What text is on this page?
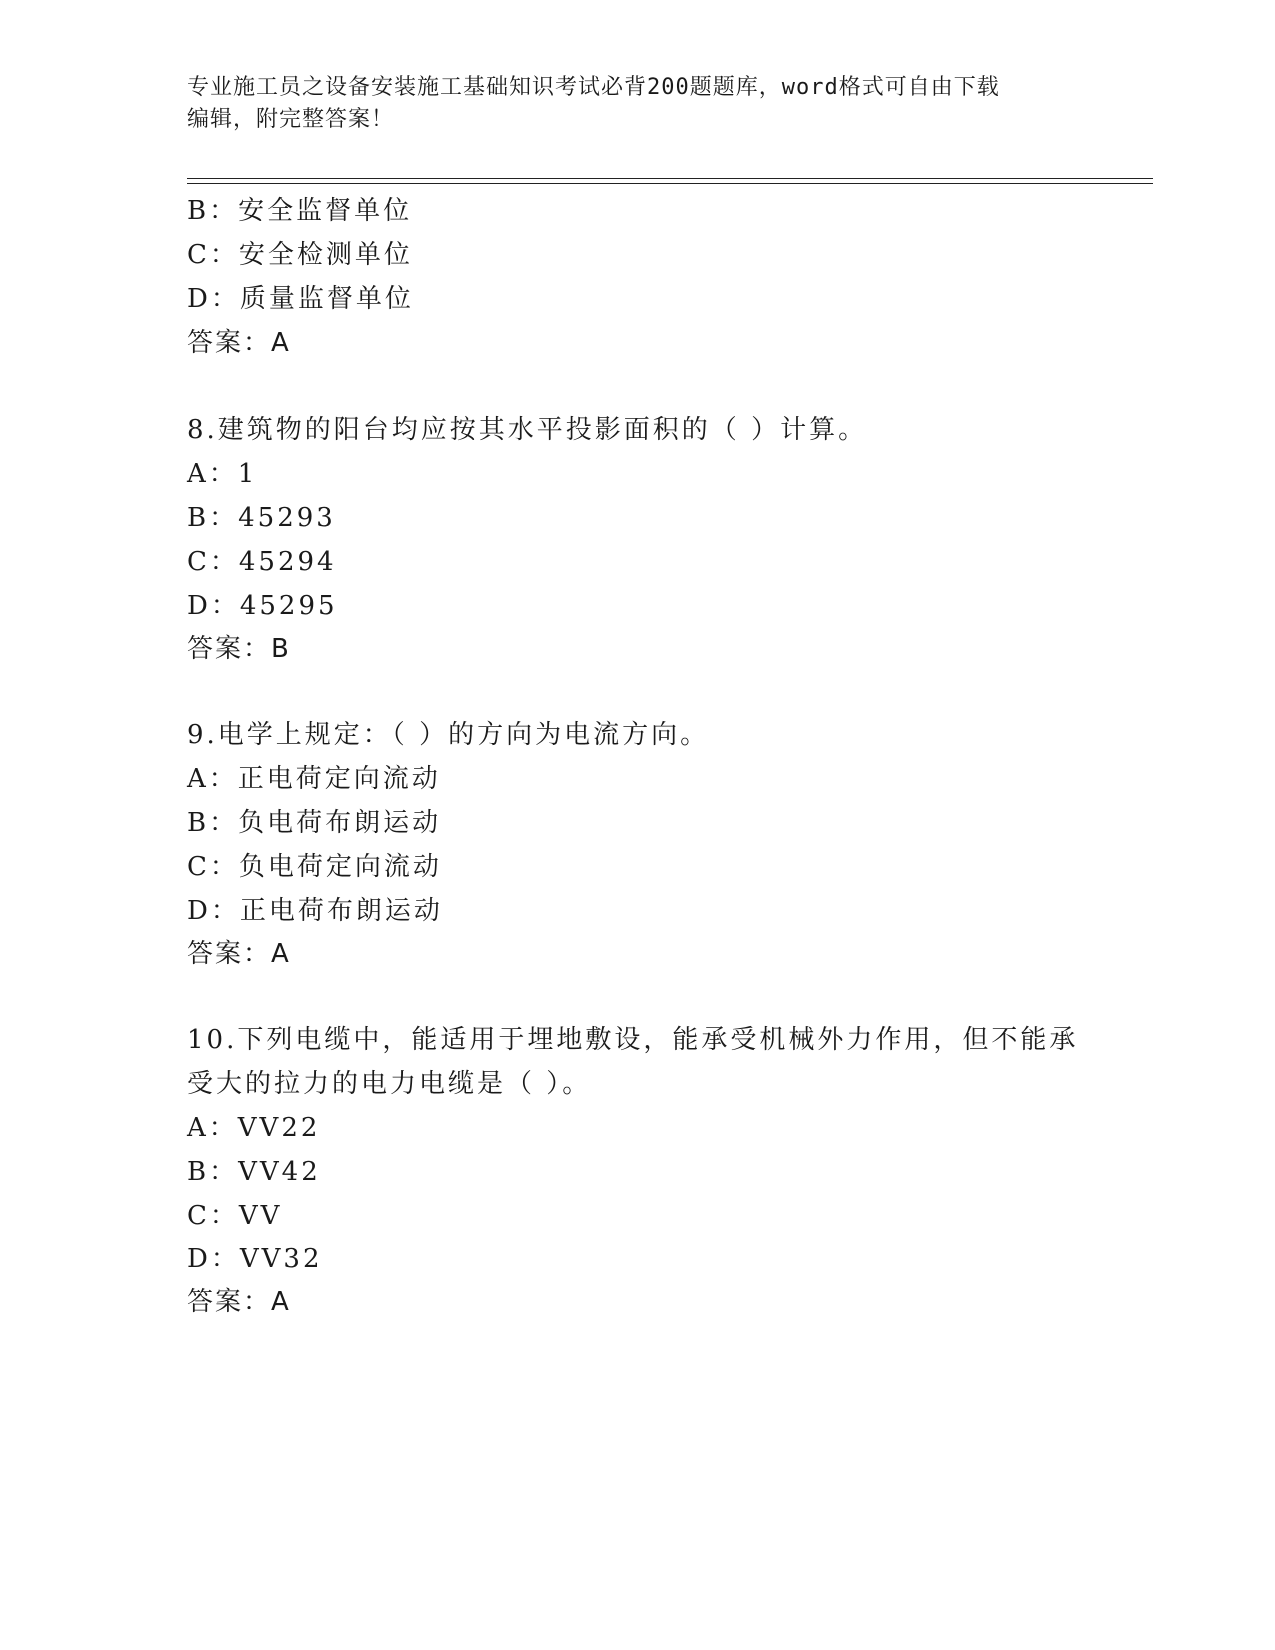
专业施工员之设备安装施工基础知识考试必背200题题库，word格式可自由下载
编辑，附完整答案！
B：安全监督单位
C：安全检测单位
D：质量监督单位
答案：A
8.建筑物的阳台均应按其水平投影面积的（ ）计算。
A：1
B：45293
C：45294
D：45295
答案：B
9.电学上规定：（ ）的方向为电流方向。
A：正电荷定向流动
B：负电荷布朗运动
C：负电荷定向流动
D：正电荷布朗运动
答案：A
10.下列电缆中，能适用于埋地敷设，能承受机械外力作用，但不能承
受大的拉力的电力电缆是（ ）。
A：VV22
B：VV42
C：VV
D：VV32
答案：A
